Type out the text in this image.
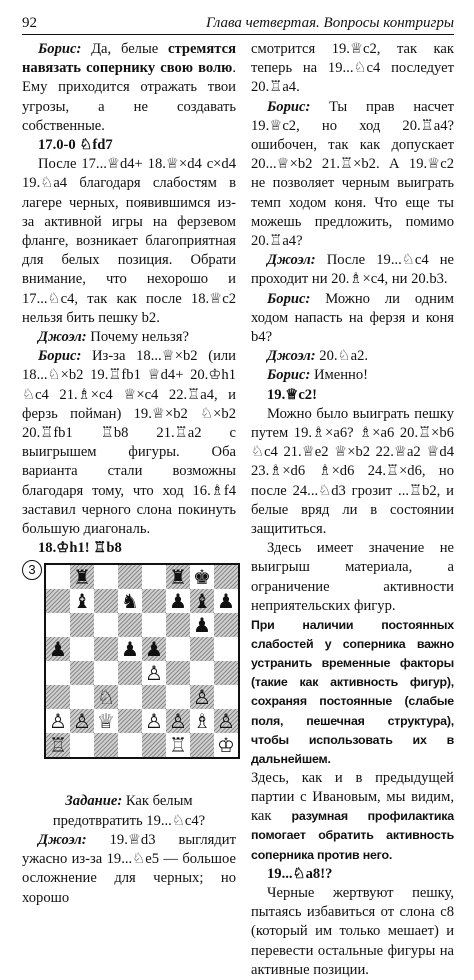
92	Глава четвертая. Вопросы контригры

Борис: Да, белые стремятся навязать сопернику свою волю. Ему приходится отражать твои угрозы, а не создавать собственные.

17.0-0 ♘fd7

После 17...♕d4+ 18.♕×d4 c×d4 19.♘a4 благодаря слабостям в лагере черных, появившимся из-за активной игры на ферзевом фланге, возникает благоприятная для белых позиция. Обрати внимание, что нехорошо и 17...♘c4, так как после 18.♕c2 нельзя бить пешку b2.

Джоэл: Почему нельзя?

Борис: Из-за 18...♕×b2 (или 18...♘×b2 19.♖fb1 ♕d4+ 20.♔h1 ♘c4 21.♗×c4 ♕×c4 22.♖a4, и ферзь пойман) 19.♕×b2 ♘×b2 20.♖fb1 ♖b8 21.♖a2 с выигрышем фигуры. Оба варианта стали возможны благодаря тому, что ход 16.♗f4 заставил черного слона покинуть большую диагональ.

18.♔h1! ♖b8

3	♜	♜ ♚
♝ ♞ ♟ ♝ ♟
♟
♟	♟ ♟
♙
♘	♙
♙ ♙ ♕ ♙ ♙ ♗ ♙
♖	♖ ♔

Задание: Как белым предотвратить 19...♘c4?

Джоэл: 19.♕d3 выглядит ужасно из-за 19...♘e5 — большое осложнение для черных; но хорошо

смотрится 19.♕c2, так как теперь на 19...♘c4 последует 20.♖a4.

Борис: Ты прав насчет 19.♕c2, но ход 20.♖a4? ошибочен, так как допускает 20...♕×b2 21.♖×b2. А 19.♕c2 не позволяет черным выиграть темп ходом коня. Что еще ты можешь предложить, помимо 20.♖a4?

Джоэл: После 19...♘c4 не проходит ни 20.♗×c4, ни 20.b3.

Борис: Можно ли одним ходом напасть на ферзя и коня b4?

Джоэл: 20.♘a2.

Борис: Именно!

19.♕c2!

Можно было выиграть пешку путем 19.♗×a6? ♗×a6 20.♖×b6 ♘c4 21.♕e2 ♕×b2 22.♕a2 ♕d4 23.♗×d6 ♗×d6 24.♖×d6, но после 24...♘d3 грозит ...♖b2, и белые вряд ли в состоянии защититься.

Здесь имеет значение не выигрыш материала, а ограничение активности неприятельских фигур.

При наличии постоянных слабостей у соперника важно устранить временные факторы (такие как активность фигур), сохраняя постоянные (слабые поля, пешечная структура), чтобы использовать их в дальнейшем.

Здесь, как и в предыдущей партии с Ивановым, мы видим, как разумная профилактика помогает обратить активность соперника против него.

19...♘a8!?

Черные жертвуют пешку, пытаясь избавиться от слона c8 (который им только мешает) и перевести остальные фигуры на активные позиции.
